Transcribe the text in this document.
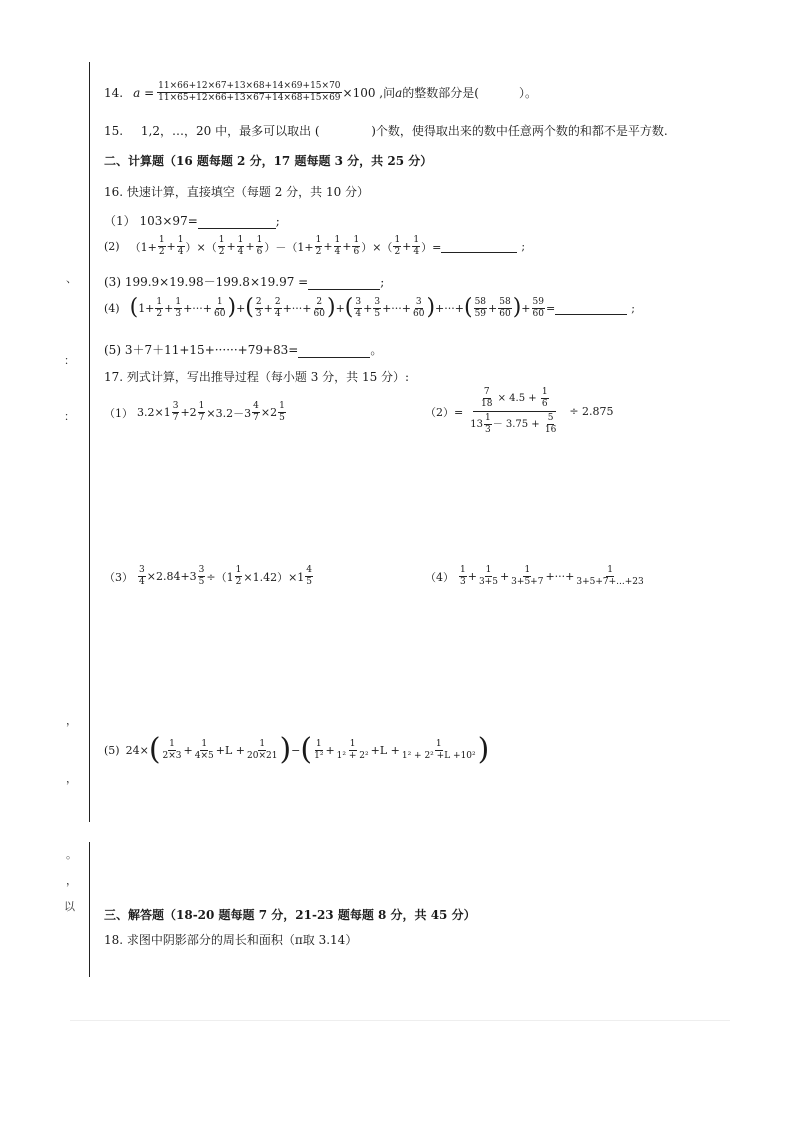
、
：
：
，
，
。
，
以
14. $a = \frac{11\times 66+12\times 67+13\times 68+14\times 69+15\times 70}{11\times 65+12\times 66+13\times 67+14\times 68+15\times 69} \times 100$ ,问 a 的整数部分是(	）。
15. 1,2，…，20 中，最多可以取出 (	)个数，使得取出来的数中任意两个数的和都不是平方数.
二、计算题（16 题每题 2 分，17 题每题 3 分，共 25 分）
16. 快速计算，直接填空（每题 2 分，共 10 分）
（1） 103×97=	;
(2) （$1+ \frac{1}{2} + \frac{1}{4}$ ）×（ $\frac{1}{2} + \frac{1}{4} + \frac{1}{6} )-(1+ \frac{1}{2} + \frac{1}{4} + \frac{1}{6}$ ）×（ $\frac{1}{2} + \frac{1}{4}$ ）=	;
(3) 199.9×19.98－199.8×19.97 =	;
(4) ( $1+ \frac{1}{2} + \frac{1}{3}$ +···+ $\frac{1}{60}$ ) + ( $\frac{2}{3} + \frac{2}{4}$ +···+ $\frac{2}{60}$ ) + ( $\frac{3}{4} + \frac{3}{5}$ +···+ $\frac{3}{60}$ ) +···+ ( $\frac{58}{59} + \frac{58}{60}$ ) + $\frac{59}{60}$ =	;
(5) 3＋7＋11+15+······+79+83=	。
17. 列式计算，写出推导过程（每小题 3 分，共 15 分）:
（1） $3.2\times 1 \frac{3}{7} +2 \frac{1}{7} \times 3.2-3 \frac{4}{7} \times 2 \frac{1}{5}$	$(2)= \frac{\frac{7}{18} \times 4.5 + \frac{1}{6}}{13 \frac{1}{3} - 3.75 + \frac{5}{16}} \div 2.875$
$(3) \frac{3}{4} \times 2.84+3 \frac{3}{5} \div(1 \frac{1}{2} \times 1.42)\times 1 \frac{4}{5}$	$(4) \frac{1}{3} + \frac{1}{3+5} + \frac{1}{3+5+7}$ +···+ $\frac{1}{3+5+7+...+23}$
(5) 24× ( $\frac{1}{2\times 3} + \frac{1}{4\times 5} +L + \frac{1}{20\times 21}$ ) − ( $\frac{1}{\text{1²}} + \frac{1}{\text{1² + 2²}} +L + \frac{1}{\text{1² + 2² +L +10²}}$ )
三、解答题（18-20 题每题 7 分，21-23 题每题 8 分，共 45 分）
18. 求图中阴影部分的周长和面积（π取 3.14）
